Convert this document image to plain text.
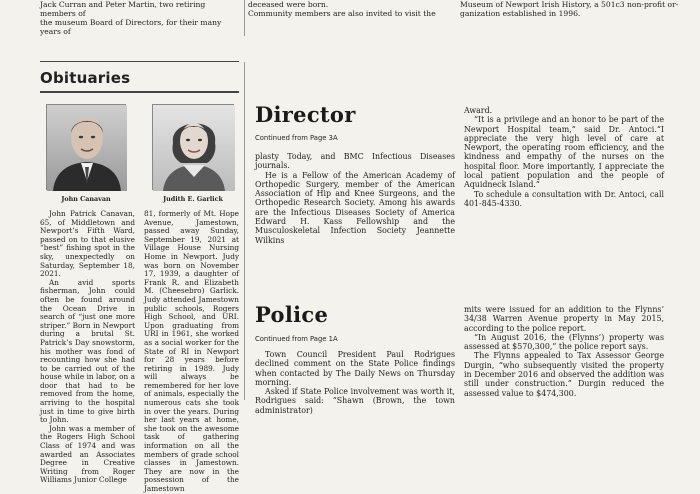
Jack Curran and Peter Martin, two retiring members of
the museum Board of Directors, for their many years of
deceased were born.
Community members are also invited to visit the
Museum of Newport Irish History, a 501c3 non-profit or-
ganization established in 1996.
Obituaries
John Canavan	Judith E. Garlick

John Patrick Canavan, 65, of Middletown and Newport’s Fifth Ward, passed on to that elusive “best” fishing spot in the sky, unexpectedly on Saturday, September 18, 2021.

An avid sports fisherman, John could often be found around the Ocean Drive in search of “just one more striper.” Born in Newport during a brutal St. Patrick’s Day snowstorm, his mother was fond of recounting how she had to be carried out of the house while in labor, on a door that had to be removed from the home, arriving to the hospital just in time to give birth to John.

John was a member of the Rogers High School Class of 1974 and was awarded an Associates Degree in Creative Writing from Roger Williams Junior College

81, formerly of Mt. Hope Avenue, Jamestown, passed away Sunday, September 19, 2021 at Village House Nursing Home in Newport. Judy was born on November 17, 1939, a daughter of Frank R. and Elizabeth M. (Cheesebro) Garlick. Judy attended Jamestown public schools, Rogers High School, and URI. Upon graduating from URI in 1961, she worked as a social worker for the State of RI in Newport for 28 years before retiring in 1989. Judy will always be remembered for her love of animals, especially the numerous cats she took in over the years. During her last years at home, she took on the awesome task of gathering information on all the members of grade school classes in Jamestown. They are now in the possession of the Jamestown

Director
Continued from Page 3A

plasty Today, and BMC Infectious Diseases journals.

He is a Fellow of the American Academy of Orthopedic Surgery, member of the American Association of Hip and Knee Surgeons, and the Orthopedic Research Society. Among his awards are the Infectious Diseases Society of America Edward H. Kass Fellowship and the Musculoskeletal Infection Society Jeannette Wilkins

Award.

“It is a privilege and an honor to be part of the Newport Hospital team,” said Dr. Antoci.“I appreciate the very high level of care at Newport, the operating room efficiency, and the kindness and empathy of the nurses on the hospital floor. More importantly, I appreciate the local patient population and the people of Aquidneck Island.”

To schedule a consultation with Dr. Antoci, call 401-845-4330.

Police
Continued from Page 1A

Town Council President Paul Rodrigues declined comment on the State Police findings when contacted by The Daily News on Thursday morning.

Asked if State Police involvement was worth it, Rodrigues said: “Shawn (Brown, the town administrator)

mits were issued for an addition to the Flynns’ 34/38 Warren Avenue property in May 2015, according to the police report.

“In August 2016, the (Flynns’) property was assessed at $570,300,” the police report says.

The Flynns appealed to Tax Assessor George Durgin, “who subsequently visited the property in December 2016 and observed the addition was still under construction.” Durgin reduced the assessed value to $474,300.
